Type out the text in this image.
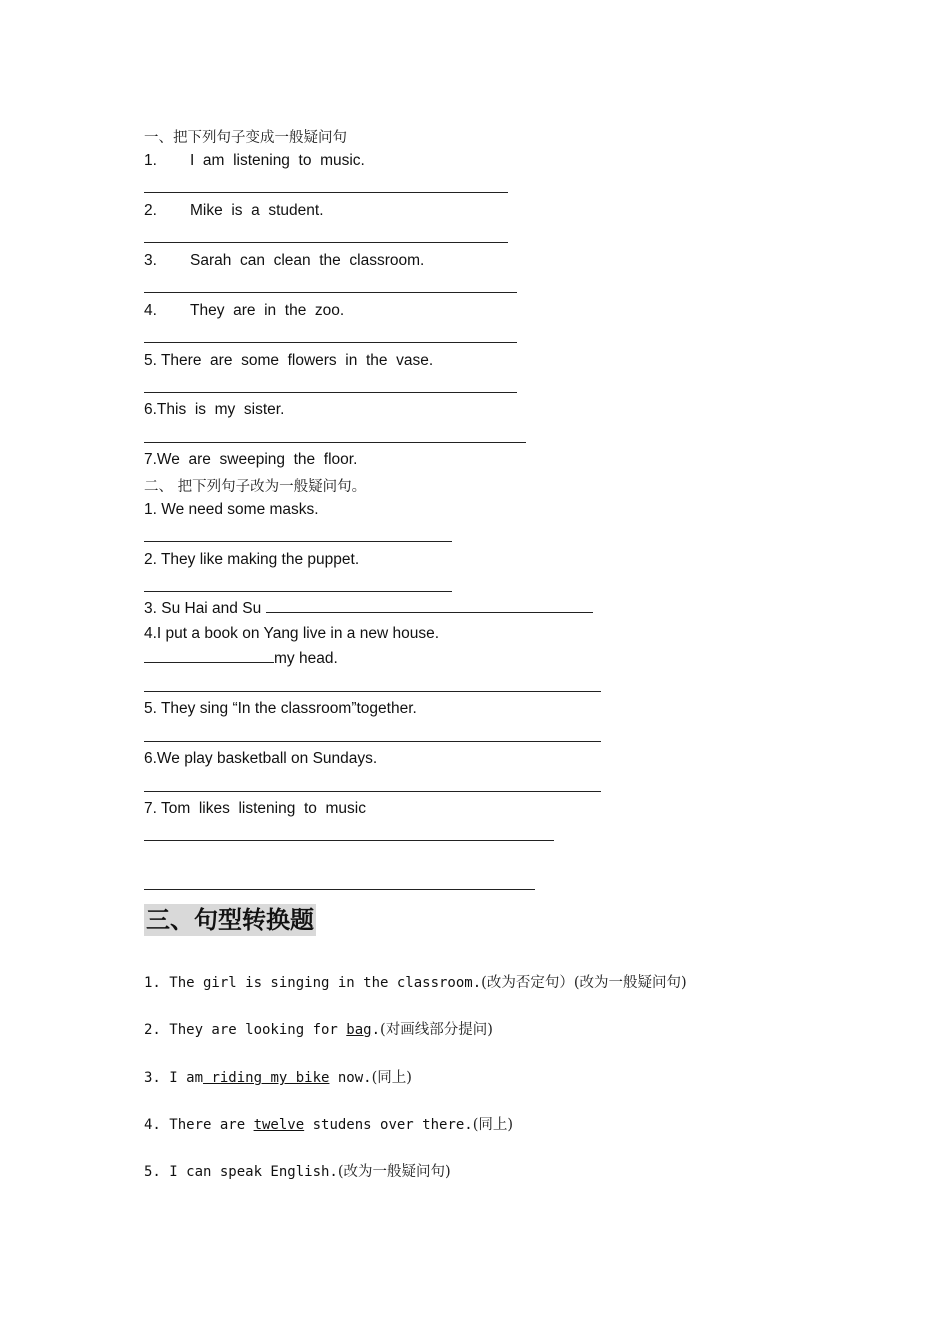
一、把下列句子变成一般疑问句
1. I  am  listening  to  music.
2. Mike  is  a  student.
3. Sarah  can  clean  the  classroom.
4. They  are  in  the  zoo.
5. There  are  some  flowers  in  the  vase.
6.This  is  my  sister.
7.We  are  sweeping  the  floor.
二、 把下列句子改为一般疑问句。
1. We need some masks.
2. They like making the puppet.
3. Su Hai and Su
4.I put a book on Yang live in a new house.
my head.
5. They sing “In the classroom”together.
6.We play basketball on Sundays.
7. Tom  likes  listening  to  music
三、句型转换题
1. The girl is singing in the classroom.(改为否定句）(改为一般疑问句)
2. They are looking for bag.(对画线部分提问)
3. I am riding my bike now.(同上)
4. There are twelve studens over there.(同上)
5. I can speak English.(改为一般疑问句)
